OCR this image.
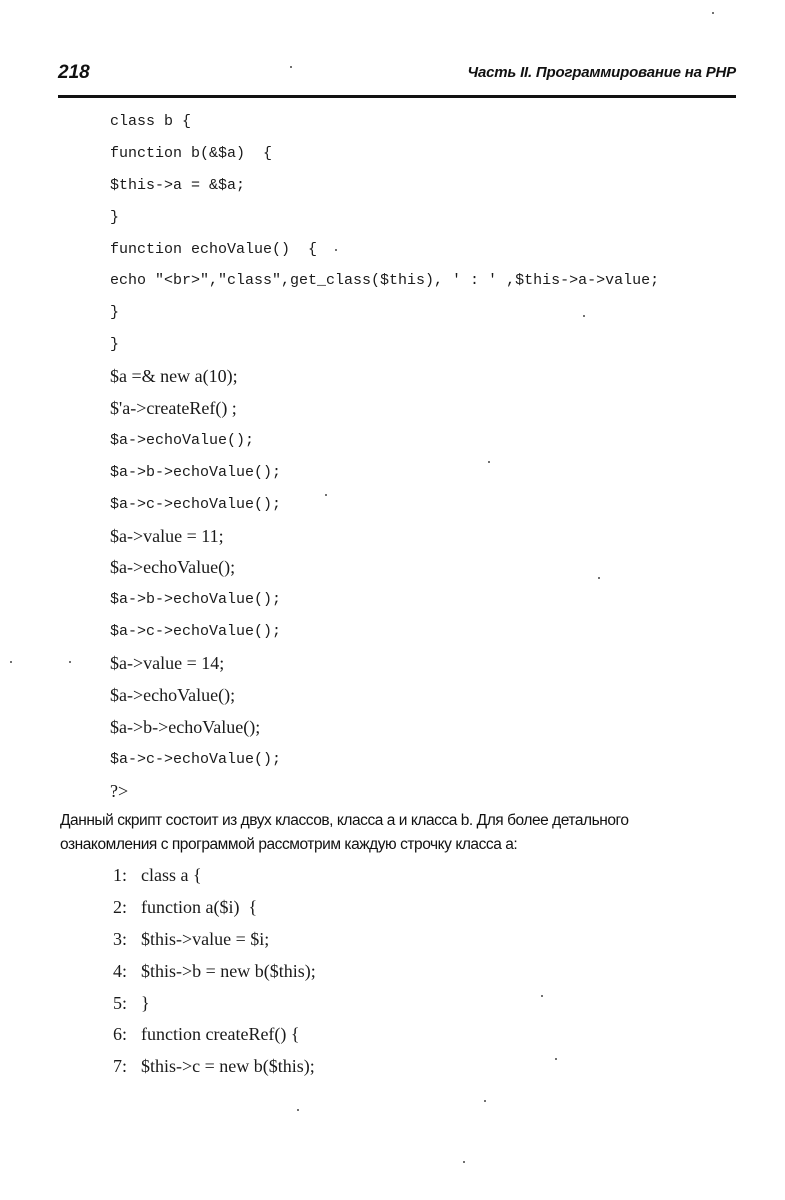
218	Часть II. Программирование на PHP
class b {
function b(&$a)  {
$this->a = &$a;
}
function echoValue()  {
echo "<br>","class",get_class($this), ' : ' ,$this->a->value;
}
}
$a =& new a(10);
$'a->createRef() ;
$a->echoValue();
$a->b->echoValue();
$a->c->echoValue();
$a->value = 11;
$a->echoValue();
$a->b->echoValue();
$a->c->echoValue();
$a->value = 14;
$a->echoValue();
$a->b->echoValue();
$a->c->echoValue();
?>

Данный скрипт состоит из двух классов, класса a и класса b. Для более детального

ознакомления с программой рассмотрим каждую строчку класса a:

1: class a {
2: function a($i)  {
3: $this->value = $i;
4: $this->b = new b($this);
5: }
6: function createRef() {
7: $this->c = new b($this);
